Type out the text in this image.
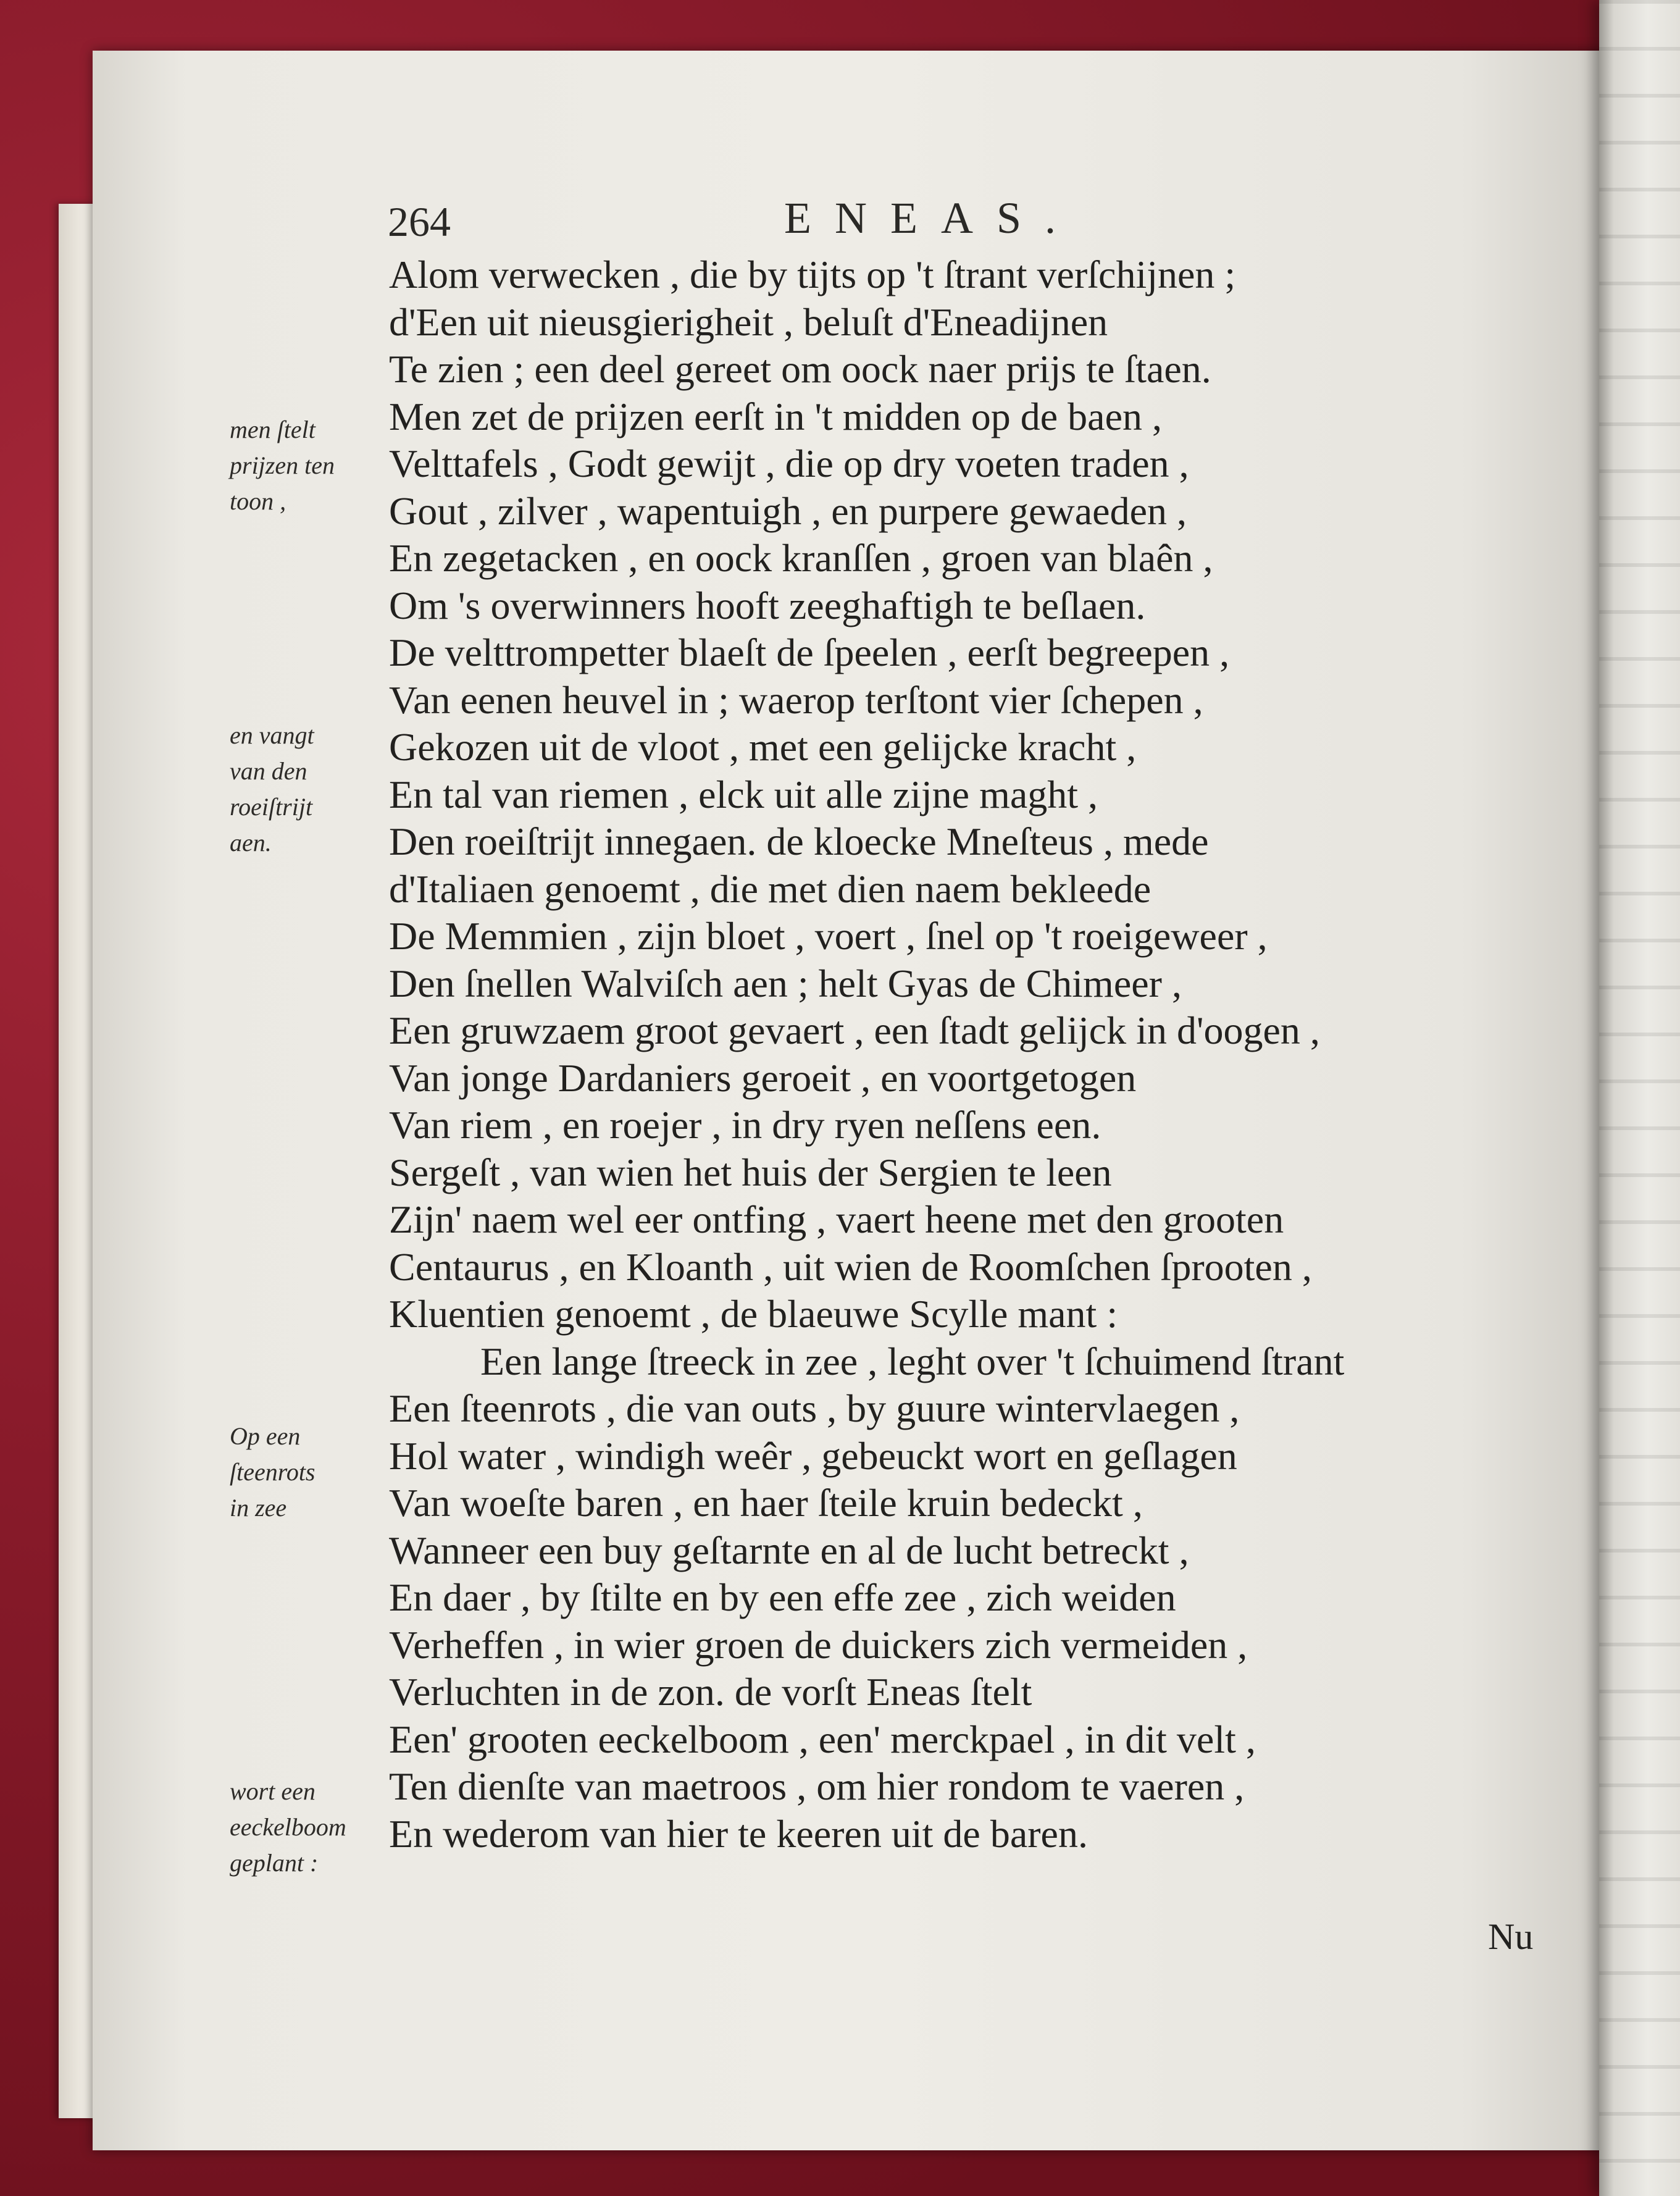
264	ENEAS.
men ſtelt
prijzen ten
toon ,
en vangt
van den
roeiſtrijt
aen.
Op een
ſteenrots
in zee
wort een
eeckelboom
geplant :
Alom verwecken , die by tijts op 't ſtrant verſchijnen ;
d'Een uit nieusgierigheit , beluſt d'Eneadijnen
Te zien ; een deel gereet om oock naer prijs te ſtaen.
Men zet de prijzen eerſt in 't midden op de baen ,
Velttafels , Godt gewijt , die op dry voeten traden ,
Gout , zilver , wapentuigh , en purpere gewaeden ,
En zegetacken , en oock kranſſen , groen van blaên ,
Om 's overwinners hooft zeeghaftigh te beſlaen.
De velttrompetter blaeſt de ſpeelen , eerſt begreepen ,
Van eenen heuvel in ; waerop terſtont vier ſchepen ,
Gekozen uit de vloot , met een gelijcke kracht ,
En tal van riemen , elck uit alle zijne maght ,
Den roeiſtrijt innegaen. de kloecke Mneſteus , mede
d'Italiaen genoemt , die met dien naem bekleede
De Memmien , zijn bloet , voert , ſnel op 't roeigeweer ,
Den ſnellen Walviſch aen ; helt Gyas de Chimeer ,
Een gruwzaem groot gevaert , een ſtadt gelijck in d'oogen ,
Van jonge Dardaniers geroeit , en voortgetogen
Van riem , en roejer , in dry ryen neſſens een.
Sergeſt , van wien het huis der Sergien te leen
Zijn' naem wel eer ontfing , vaert heene met den grooten
Centaurus , en Kloanth , uit wien de Roomſchen ſprooten ,
Kluentien genoemt , de blaeuwe Scylle mant :
Een lange ſtreeck in zee , leght over 't ſchuimend ſtrant
Een ſteenrots , die van outs , by guure wintervlaegen ,
Hol water , windigh weêr , gebeuckt wort en geſlagen
Van woeſte baren , en haer ſteile kruin bedeckt ,
Wanneer een buy geſtarnte en al de lucht betreckt ,
En daer , by ſtilte en by een effe zee , zich weiden
Verheffen , in wier groen de duickers zich vermeiden ,
Verluchten in de zon. de vorſt Eneas ſtelt
Een' grooten eeckelboom , een' merckpael , in dit velt ,
Ten dienſte van maetroos , om hier rondom te vaeren ,
En wederom van hier te keeren uit de baren.
Nu
